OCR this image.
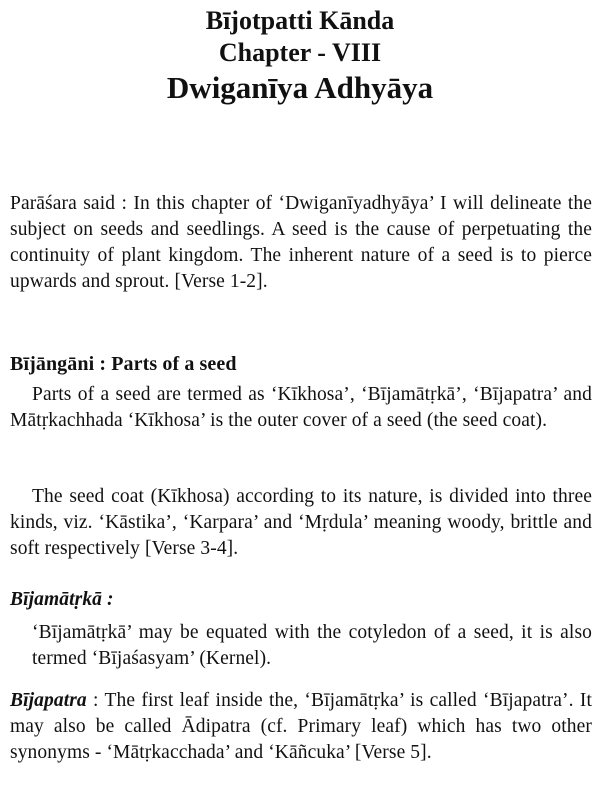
Bījotpatti Kānda
Chapter - VIII
Dwiganīya Adhyāya

Parāśara said : In this chapter of ‘Dwiganīyadhyāya’ I will delineate the subject on seeds and seedlings. A seed is the cause of perpetuating the continuity of plant kingdom. The inherent nature of a seed is to pierce upwards and sprout. [Verse 1-2].

Bījāngāni : Parts of a seed

Parts of a seed are termed as ‘Kīkhosa’, ‘Bījamātṛkā’, ‘Bījapatra’ and Mātṛkachhada ‘Kīkhosa’ is the outer cover of a seed (the seed coat).

The seed coat (Kīkhosa) according to its nature, is divided into three kinds, viz. ‘Kāstika’, ‘Karpara’ and ‘Mṛdula’ meaning woody, brittle and soft respectively [Verse 3-4].

Bījamātṛkā :

‘Bījamātṛkā’ may be equated with the cotyledon of a seed, it is also termed ‘Bījaśasyam’ (Kernel).

Bījapatra : The first leaf inside the, ‘Bījamātṛka’ is called ‘Bījapatra’. It may also be called Ādipatra (cf. Primary leaf) which has two other synonyms - ‘Mātṛkacchada’ and ‘Kāñcuka’ [Verse 5].
